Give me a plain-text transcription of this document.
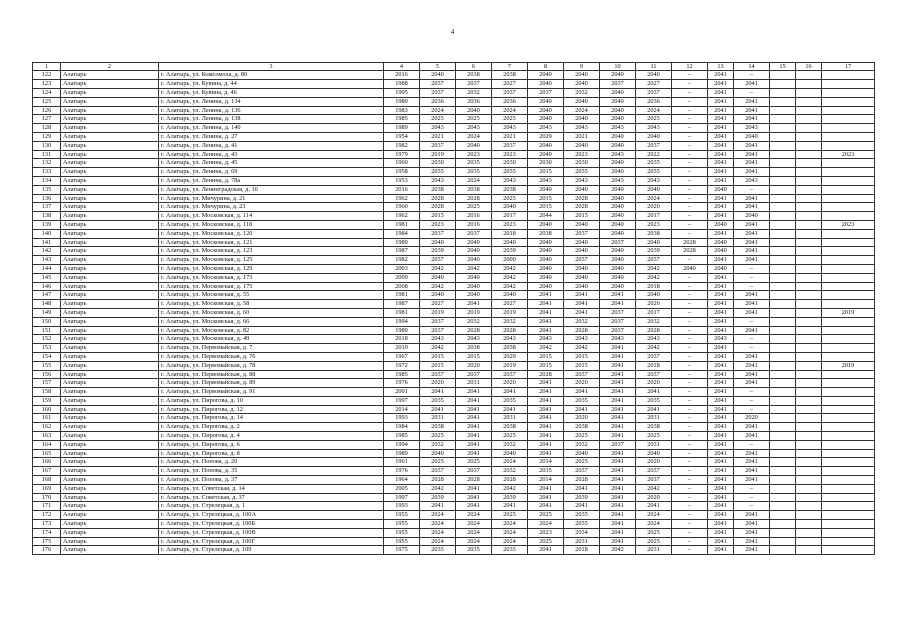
4
1	2	3	4	5	6	7	8	9	10	11	12	13	14	15	16	17
122	Алатырь	г. Алатырь, ул. Комсомола, д. 80	2016	2040	2038	2038	2040	2040	2040	2040	–	2041	–			
123	Алатырь	г. Алатырь, ул. Кувина, д. 44	1988	2037	2037	2027	2040	2040	2037	2027	–	2041	2041			
124	Алатырь	г. Алатырь, ул. Кувина, д. 46	1995	2037	2032	2037	2037	2032	2040	2037	–	2041	–			
125	Алатырь	г. Алатырь, ул. Ленина, д. 134	1980	2036	2036	2036	2040	2040	2040	2036	–	2041	2041			
126	Алатырь	г. Алатырь, ул. Ленина, д. 136	1983	2024	2040	2024	2040	2024	2040	2024	–	2041	2041			
127	Алатырь	г. Алатырь, ул. Ленина, д. 138	1985	2025	2025	2025	2040	2040	2040	2025	–	2041	2041			
128	Алатырь	г. Алатырь, ул. Ленина, д. 140	1989	2043	2043	2043	2043	2043	2043	2043	–	2041	2043			
129	Алатырь	г. Алатырь, ул. Ленина, д. 27	1954	2021	2024	2021	2029	2021	2040	2040	–	2041	2040			
130	Алатырь	г. Алатырь, ул. Ленина, д. 41	1982	2037	2040	2037	2040	2040	2040	2037	–	2041	2041			
131	Алатырь	г. Алатырь, ул. Ленина, д. 43	1979	2019	2023	2023	2040	2023	2043	2022	–	2041	2041			2023
132	Алатырь	г. Алатырь, ул. Ленина, д. 45	1960	2030	2035	2030	2030	2030	2040	2035	–	2041	2041			
133	Алатырь	г. Алатырь, ул. Ленина, д. 69	1958	2035	2035	2035	2015	2035	2040	2035	–	2041	2041			
134	Алатырь	г. Алатырь, ул. Ленина, д. 78а	1953	2043	2024	2043	2043	2043	2043	2043	–	2041	2043			
135	Алатырь	г. Алатырь, ул. Ленинградская, д. 10	2016	2038	2038	2038	2040	2040	2040	2040	–	2040	–			
136	Алатырь	г. Алатырь, ул. Мичурина, д. 21	1962	2028	2028	2025	2015	2028	2040	2024	–	2041	2041			
137	Алатырь	г. Алатырь, ул. Мичурина, д. 23	1960	2028	2025	2040	2015	2028	2040	2020	–	2041	2041			
138	Алатырь	г. Алатырь, ул. Московская, д. 114	1962	2015	2016	2017	2044	2015	2040	2017	–	2041	2040			
139	Алатырь	г. Алатырь, ул. Московская, д. 118	1981	2023	2016	2023	2040	2040	2040	2023	–	2040	2041			2023
140	Алатырь	г. Алатырь, ул. Московская, д. 120	1984	2037	2037	2018	2038	2037	2040	2038	–	2041	2041			
141	Алатырь	г. Алатырь, ул. Московская, д. 121	1989	2040	2040	2040	2040	2040	2037	2040	2028	2040	2041			
142	Алатырь	г. Алатырь, ул. Московская, д. 123	1987	2039	2040	2039	2040	2040	2040	2039	2028	2040	2041			
143	Алатырь	г. Алатырь, ул. Московская, д. 125	1982	2037	2040	2000	2040	2037	2040	2037	–	2041	2041			
144	Алатырь	г. Алатырь, ул. Московская, д. 129	2003	2042	2042	2042	2040	2040	2040	2042	2040	2040	–			
145	Алатырь	г. Алатырь, ул. Московская, д. 173	2009	2040	2040	2042	2040	2040	2040	2042	–	2041	–			
146	Алатырь	г. Алатырь, ул. Московская, д. 175	2008	2042	2040	2042	2040	2040	2040	2018	–	2041	–			
147	Алатырь	г. Алатырь, ул. Московская, д. 55	1981	2040	2040	2040	2041	2041	2041	2040	–	2041	2041			
148	Алатырь	г. Алатырь, ул. Московская, д. 58	1987	2027	2041	2027	2041	2041	2041	2026	–	2041	2041			
149	Алатырь	г. Алатырь, ул. Московская, д. 60	1981	2019	2019	2019	2041	2041	2037	2017	–	2041	2041			2019
150	Алатырь	г. Алатырь, ул. Московская, д. 66	1994	2037	2032	2032	2041	2032	2037	2032	–	2041	–			
151	Алатырь	г. Алатырь, ул. Московская, д. 82	1989	2037	2028	2028	2041	2028	2037	2028	–	2041	2041			
152	Алатырь	г. Алатырь, ул. Московская, д. 49	2018	2043	2043	2043	2043	2043	2043	2043	–	2043	–			
153	Алатырь	г. Алатырь, ул. Первомайская, д. 7	2010	2042	2038	2038	2042	2042	2041	2042	–	2041	–			
154	Алатырь	г. Алатырь, ул. Первомайская, д. 76	1967	2015	2015	2029	2015	2015	2041	2037	–	2041	2041			
155	Алатырь	г. Алатырь, ул. Первомайская, д. 78	1972	2015	2020	2019	2015	2015	2041	2018	–	2041	2041			2019
156	Алатырь	г. Алатырь, ул. Первомайская, д. 88	1985	2037	2037	2037	2028	2037	2041	2037	–	2041	2041			
157	Алатырь	г. Алатырь, ул. Первомайская, д. 89	1976	2020	2031	2020	2041	2020	2041	2020	–	2041	2041			
158	Алатырь	г. Алатырь, ул. Первомайская, д. 91	2001	2041	2041	2041	2041	2041	2041	2041	–	2041	–			
159	Алатырь	г. Алатырь, ул. Пирогова, д. 10	1997	2035	2041	2035	2041	2035	2041	2035	–	2041	–			
160	Алатырь	г. Алатырь, ул. Пирогова, д. 12	2014	2041	2041	2041	2041	2041	2041	2041	–	2041	–			
161	Алатырь	г. Алатырь, ул. Пирогова, д. 14	1993	2031	2041	2031	2041	2020	2041	2031	–	2041	2020			
162	Алатырь	г. Алатырь, ул. Пирогова, д. 2	1984	2038	2041	2038	2041	2038	2041	2038	–	2041	2041			
163	Алатырь	г. Алатырь, ул. Пирогова, д. 4	1985	2025	2041	2025	2041	2025	2041	2025	–	2041	2041			
164	Алатырь	г. Алатырь, ул. Пирогова, д. 6	1994	2032	2041	2032	2041	2032	2037	2031	–	2041	–			
165	Алатырь	г. Алатырь, ул. Пирогова, д. 8	1989	2040	2041	2040	2041	2040	2041	2040	–	2041	2041			
166	Алатырь	г. Алатырь, ул. Попова, д. 20	1961	2025	2025	2024	2014	2025	2041	2020	–	2041	2041			
167	Алатырь	г. Алатырь, ул. Попова, д. 35	1976	2037	2037	2032	2035	2037	2041	2037	–	2041	2041			
168	Алатырь	г. Алатырь, ул. Попова, д. 37	1964	2028	2028	2028	2014	2028	2041	2037	–	2041	2041			
169	Алатырь	г. Алатырь, ул. Советская, д. 14	2005	2042	2041	2042	2041	2041	2041	2042	–	2041	–			
170	Алатырь	г. Алатырь, ул. Советская, д. 37	1997	2039	2041	2039	2041	2039	2041	2020	–	2041	–			
171	Алатырь	г. Алатырь, ул. Стрелецкая, д. 1	1993	2041	2041	2041	2041	2041	2041	2041	–	2041	–			
172	Алатырь	г. Алатырь, ул. Стрелецкая, д. 100А	1955	2024	2024	2025	2025	2035	2041	2024	–	2041	2041			
173	Алатырь	г. Алатырь, ул. Стрелецкая, д. 100Б	1955	2024	2024	2024	2024	2035	2041	2024	–	2041	2041			
174	Алатырь	г. Алатырь, ул. Стрелецкая, д. 100В	1955	2024	2024	2024	2023	2034	2041	2025	–	2041	2041			
175	Алатырь	г. Алатырь, ул. Стрелецкая, д. 100Г	1955	2024	2024	2024	2025	2031	2041	2025	–	2041	2041			
176	Алатырь	г. Алатырь, ул. Стрелецкая, д. 109	1975	2035	2035	2035	2041	2018	2042	2031	–	2041	2041			
